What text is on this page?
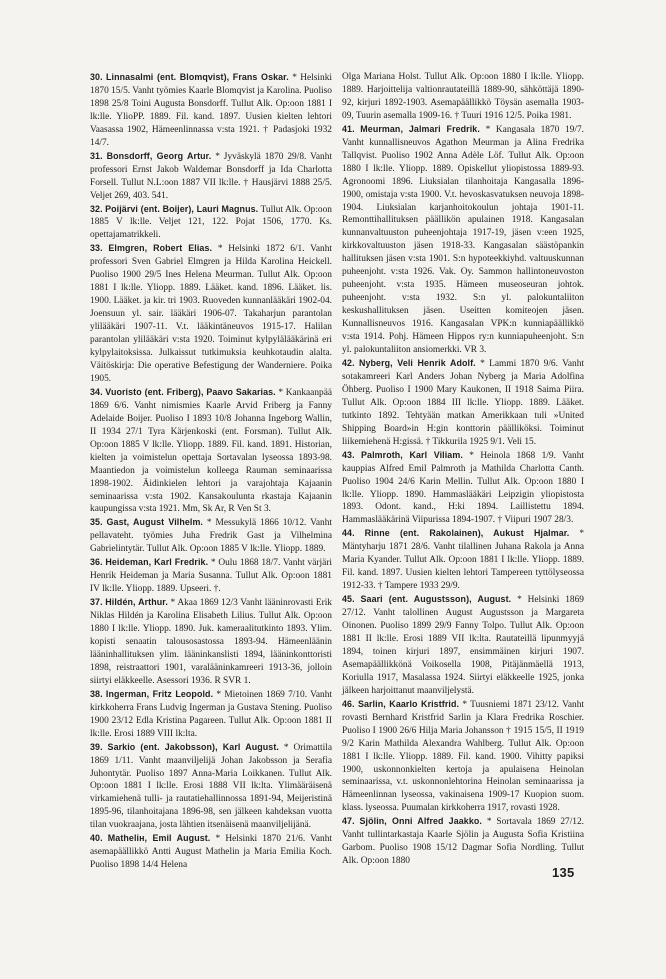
30. Linnasalmi (ent. Blomqvist), Frans Oskar. * Helsinki 1870 15/5. Vanht työmies Kaarle Blomqvist ja Karolina. Puoliso 1898 25/8 Toini Augusta Bonsdorff. Tullut Alk. Op:oon 1881 I lk:lle. YlioPP. 1889. Fil. kand. 1897. Uusien kielten lehtori Vaasassa 1902, Hämeenlinnassa v:sta 1921. † Padasjoki 1932 14/7.

31. Bonsdorff, Georg Artur. * Jyväskylä 1870 29/8. Vanht professori Ernst Jakob Waldemar Bonsdorff ja Ida Charlotta Forsell. Tullut N.L:oon 1887 VII lk:lle. † Hausjärvi 1888 25/5. Veljet 269, 403. 541.

32. Poijärvi (ent. Boijer), Lauri Magnus. Tullut Alk. Op:oon 1885 V lk:lle. Veljet 121, 122. Pojat 1506, 1770. Ks. opettajamatrikkeli.

33. Elmgren, Robert Elias. * Helsinki 1872 6/1. Vanht professori Sven Gabriel Elmgren ja Hilda Karolina Heickell. Puoliso 1900 29/5 Ines Helena Meurman. Tullut Alk. Op:oon 1881 I lk:lle. Ylioрр. 1889. Lääket. kand. 1896. Lääket. lis. 1900. Lääket. ja kir. tri 1903. Ruoveden kunnanlääkäri 1902-04. Joensuun yl. sair. lääkäri 1906-07. Takaharjun parantolan ylilääkäri 1907-11. V.t. lääkintäneuvos 1915-17. Halilan parantolan ylilääkäri v:sta 1920. Toiminut kylpylälääkärinä eri kylpylaitoksissa. Julkaissut tutkimuksia keuhkotaudin alalta. Väitöskirja: Die operative Befestigung der Wanderniere. Poika 1905.

34. Vuoristo (ent. Friberg), Paavo Sakarias. * Kankaanpää 1869 6/6. Vanht nimismies Kaarle Arvid Friberg ja Fanny Adelaide Boijer. Puoliso I 1893 10/8 Johanna Ingeborg Wallin, II 1934 27/1 Tyra Kärjenkoski (ent. Forsman). Tullut Alk. Op:oon 1885 V lk:lle. Ylioрр. 1889. Fil. kand. 1891. Historian, kielten ja voimistelun opettaja Sortavalan lyseossa 1893-98. Maantiedon ja voimistelun kolleega Rauman seminaarissa 1898-1902. Äidinkielen lehtori ja varajohtaja Kajaanin seminaarissa v:sta 1902. Kansakoulunta rkastaja Kajaanin kaupungissa v:sta 1921. Mm, Sk Ar, R Ven St 3.

35. Gast, August Vilhelm. * Messukylä 1866 10/12. Vanht pellavateht. työmies Juha Fredrik Gast ja Vilhelmina Gabrielintytär. Tullut Alk. Op:oon 1885 V lk:lle. Ylioрр. 1889.

36. Heideman, Karl Fredrik. * Oulu 1868 18/7. Vanht värjäri Henrik Heideman ja Maria Susanna. Tullut Alk. Op:oon 1881 IV lk:lle. Ylioрр. 1889. Upseeri. †.

37. Hildén, Arthur. * Akaa 1869 12/3 Vanht lääninrovasti Erik Niklas Hildén ja Karolina Elisabeth Lilius. Tullut Alk. Op:oon 1880 I lk:lle. Ylioрр. 1890. Juk. kameraalitutkinto 1893. Ylim. kopisti senaatin talousosastossa 1893-94. Hämeenläänin lääninhallituksen ylim. lääninkanslisti 1894, lääninkonttoristi 1898, reistraattori 1901, varalääninkamreeri 1913-36, jolloin siirtyi eläkkeelle. Asessori 1936. R SVR 1.

38. Ingerman, Fritz Leopold. * Mietoinen 1869 7/10. Vanht kirkkoherra Frans Ludvig Ingerman ja Gustava Stening. Puoliso 1900 23/12 Edla Kristina Pagareen. Tullut Alk. Op:oon 1881 II lk:lle. Erosi 1889 VIII lk:lta.

39. Sarkio (ent. Jakobsson), Karl August. * Orimattila 1869 1/11. Vanht maanviljelijä Johan Jakobsson ja Serafia Juhontytär. Puoliso 1897 Anna-Maria Loikkanen. Tullut Alk. Op:oon 1881 I lk:lle. Erosi 1888 VII lk:lta. Ylimääräisenä virkamiehenä tulli- ja rautatiehallinnossa 1891-94, Meijeristinä 1895-96, tilanhoitajana 1896-98, sen jälkeen kahdeksan vuotta tilan vuokraajana, josta lähtien itsenäisenä maanviljelijänä.

40. Matheliн, Emil August. * Helsinki 1870 21/6. Vanht asemapäällikkö Antti August Mathelin ja Maria Emilia Koch. Puoliso 1898 14/4 Helena

Olga Mariana Holst. Tullut Alk. Op:oon 1880 I lk:lle. Ylioрр. 1889. Harjoittelija valtionrautateillä 1889-90, sähköttäjä 1890-92, kirjuri 1892-1903. Asemapäällikkö Töysän asemalla 1903-09, Tuurin asemalla 1909-16. † Tuuri 1916 12/5. Poika 1981.

41. Meurman, Jalmari Fredrik. * Kangasala 1870 19/7. Vanht kunnallisneuvos Agathon Meurman ja Alina Fredrika Tallqvist. Puoliso 1902 Anna Adèle Löf. Tullut Alk. Op:oon 1880 I lk:lle. Ylioрр. 1889. Opiskellut yliopistossa 1889-93. Agronoomi 1896. Liuksialan tilanhoitaja Kangasalla 1896-1900, omistaja v:sta 1900. V.t. hevoskasvatuksen neuvoja 1898-1904. Liuksialan karjanhoitokoulun johtaja 1901-11. Remonttihallituksen päällikön apulainen 1918. Kangasalan kunnanvaltuuston puheenjohtaja 1917-19, jäsen v:een 1925, kirkkovaltuuston jäsen 1918-33. Kangasalan säästöpankin hallituksen jäsen v:sta 1901. S:n hypoteekkiyhd. valtuuskunnan puheenjoht. v:sta 1926. Vak. Oy. Sammon hallintoneuvoston puheenjoht. v:sta 1935. Hämeen museoseuran johtok. puheenjoht. v:sta 1932. S:n yl. palokuntaliiton keskushallituksen jäsen. Useitten komiteojen jäsen. Kunnallisneuvos 1916. Kangasalan VPK:n kunniapäällikkö v:sta 1914. Pohj. Hämeen Hippos ry:n kunniapuheenjoht. S:n yl. palokuntaliiton ansiomerkki. VR 3.

42. Nyberg, Veli Henrik Adolf. * Lammi 1870 9/6. Vanht sotakamreeri Karl Anders Johan Nyberg ja Maria Adolfina Öhberg. Puoliso I 1900 Mary Kaukonen, II 1918 Saima Piira. Tullut Alk. Op:oon 1884 III lk:lle. Ylioрр. 1889. Lääket. tutkinto 1892. Tehtyään matkan Amerikkaan tuli »United Shipping Board»in H:gin konttorin päälliköksi. Toiminut liikemiehenä H:gissä. † Tikkurila 1925 9/1. Veli 15.

43. Palmroth, Karl Viliam. * Heinola 1868 1/9. Vanht kauppias Alfred Emil Palmroth ja Mathilda Charlotta Canth. Puoliso 1904 24/6 Karin Mellin. Tullut Alk. Op:oon 1880 I lk:lle. Ylioрр. 1890. Hammaslääkäri Leipzigin yliopistosta 1893. Odont. kand., H:ki 1894. Laillistettu 1894. Hammaslääkärinä Viipurissa 1894-1907. † Viipuri 1907 28/3.

44. Rinne (ent. Rakolainen), Aukust Hjalmar. * Mäntyharju 1871 28/6. Vanht tilallinen Juhana Rakola ja Anna Maria Kyander. Tullut Alk. Op:oon 1881 I lk:lle. Ylioрр. 1889. Fil. kand. 1897. Uusien kielten lehtori Tampereen tyttölyseossa 1912-33. † Tampere 1933 29/9.

45. Saari (ent. Augustsson), August. * Helsinki 1869 27/12. Vanht talollinen August Augustsson ja Margareta Oinonen. Puoliso 1899 29/9 Fanny Tolpo. Tullut Alk. Op:oon 1881 II lk:lle. Erosi 1889 VII lk:lta. Rautateillä lipunmyyjä 1894, toinen kirjuri 1897, ensimmäinen kirjuri 1907. Asemapäällikkönä Voikosella 1908, Pitäjänmäellä 1913, Koriulla 1917, Masalassa 1924. Siirtyi eläkkeelle 1925, jonka jälkeen harjoittanut maanviljelystä.

46. Sarlin, Kaarlo Kristfrid. * Tuusniemi 1871 23/12. Vanht rovasti Bernhard Kristfrid Sarlin ja Klara Fredrika Roschier. Puoliso I 1900 26/6 Hilja Maria Johansson † 1915 15/5, II 1919 9/2 Karin Mathilda Alexandra Wahlberg. Tullut Alk. Op:oon 1881 I lk:lle. Ylioрр. 1889. Fil. kand. 1900. Vihitty papiksi 1900, uskonnonkielten kertoja ja apulaisena Heinolan seminaarissa, v.t. uskonnonlehtorina Heinolan seminaarissa ja Hämeenlinnan lyseossa, vakinaisena 1909-17 Kuopion suom. klass. lyseossa. Puumalan kirkkoherra 1917, rovasti 1928.

47. Sjölin, Onni Alfred Jaakko. * Sortavala 1869 27/12. Vanht tullintarkastaja Kaarle Sjölin ja Augusta Sofia Kristiina Garbom. Puoliso 1908 15/12 Dagmar Sofia Nordling. Tullut Alk. Op:oon 1880

135
